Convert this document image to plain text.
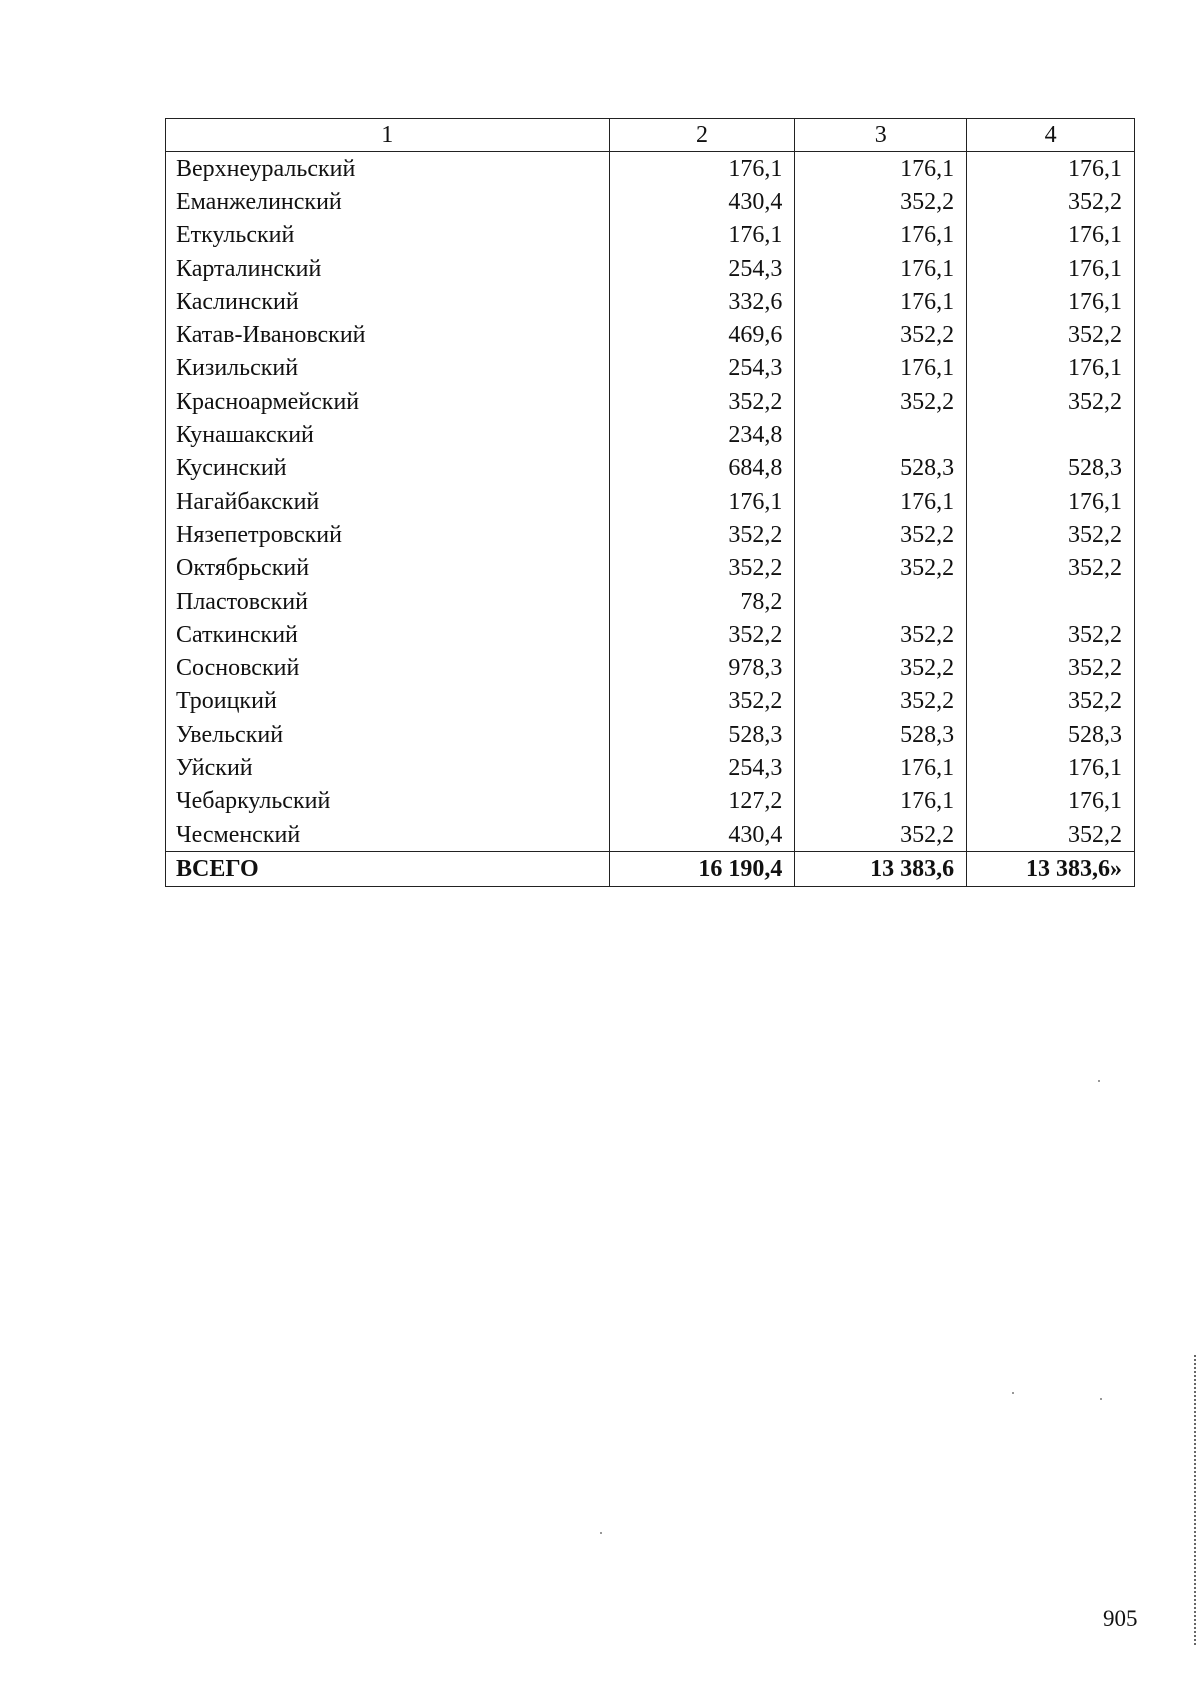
1	2	3	4
Верхнеуральский	176,1	176,1	176,1
Еманжелинский	430,4	352,2	352,2
Еткульский	176,1	176,1	176,1
Карталинский	254,3	176,1	176,1
Каслинский	332,6	176,1	176,1
Катав-Ивановский	469,6	352,2	352,2
Кизильский	254,3	176,1	176,1
Красноармейский	352,2	352,2	352,2
Кунашакский	234,8		
Кусинский	684,8	528,3	528,3
Нагайбакский	176,1	176,1	176,1
Нязепетровский	352,2	352,2	352,2
Октябрьский	352,2	352,2	352,2
Пластовский	78,2		
Саткинский	352,2	352,2	352,2
Сосновский	978,3	352,2	352,2
Троицкий	352,2	352,2	352,2
Увельский	528,3	528,3	528,3
Уйский	254,3	176,1	176,1
Чебаркульский	127,2	176,1	176,1
Чесменский	430,4	352,2	352,2
ВСЕГО	16 190,4	13 383,6	13 383,6»
905
